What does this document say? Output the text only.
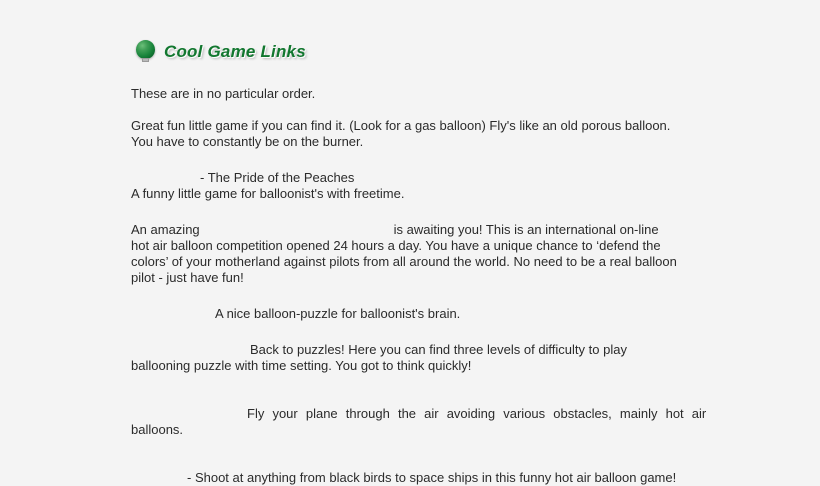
Cool Game Links

These are in no particular order.

Great fun little game if you can find it. (Look for a gas balloon) Fly's like an old porous balloon.

You have to constantly be on the burner.

- The Pride of the Peaches

A funny little game for balloonist's with freetime.

An amazing	is awaiting you! This is an international on-line

hot air balloon competition opened 24 hours a day. You have a unique chance to ‘defend the colors’ of your motherland against pilots from all around the world. No need to be a real balloon pilot - just have fun!

A nice balloon-puzzle for balloonist's brain.

Back to puzzles! Here you can find three levels of difficulty to play

ballooning puzzle with time setting. You got to think quickly!

Fly your plane through the air avoiding various obstacles, mainly hot air

balloons.

- Shoot at anything from black birds to space ships in this funny hot air balloon game!
